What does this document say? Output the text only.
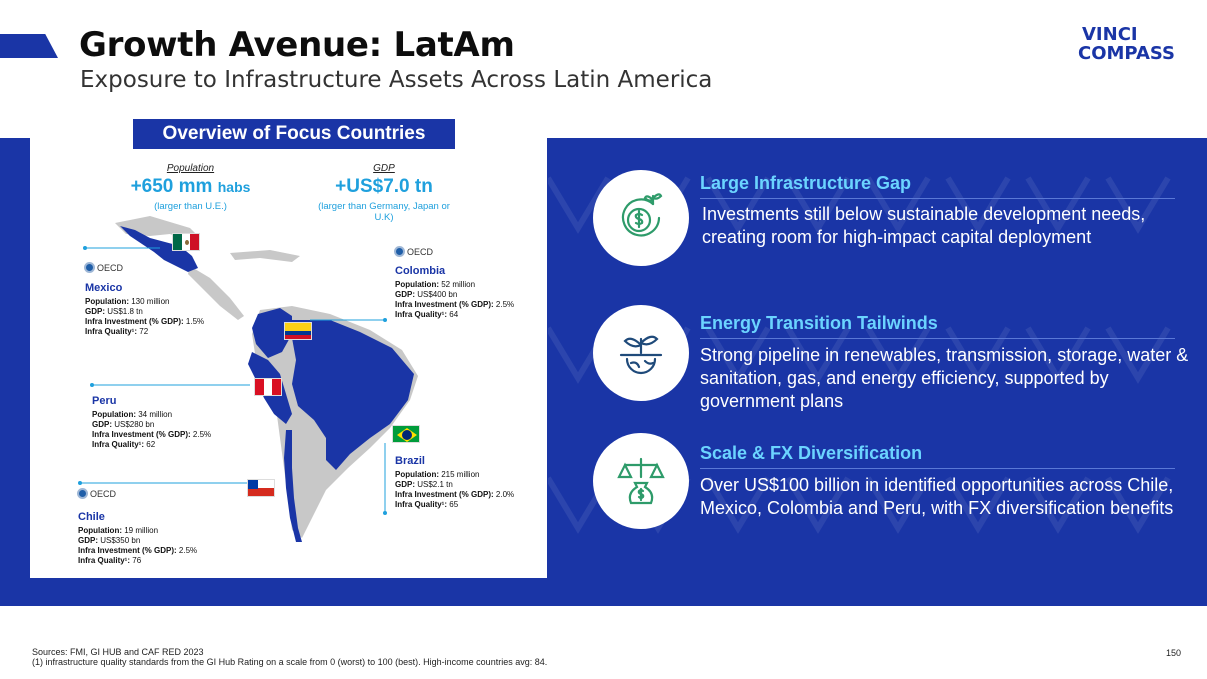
Growth Avenue: LatAm
Exposure to Infrastructure Assets Across Latin America
VINCI
COMPASS
Overview of Focus Countries
Population
+650 mm habs
(larger than U.E.)
GDP
+US$7.0 tn
(larger than Germany, Japan or U.K)
OECD
OECD
OECD
Mexico
Population: 130 million
GDP: US$1.8 tn
Infra Investment (% GDP): 1.5%
Infra Quality¹: 72
Colombia
Population: 52 million
GDP: US$400 bn
Infra Investment (% GDP): 2.5%
Infra Quality¹: 64
Peru
Population: 34 million
GDP: US$280 bn
Infra Investment (% GDP): 2.5%
Infra Quality¹: 62
Brazil
Population: 215 million
GDP: US$2.1 tn
Infra Investment (% GDP): 2.0%
Infra Quality¹: 65
Chile
Population: 19 million
GDP: US$350 bn
Infra Investment (% GDP): 2.5%
Infra Quality¹: 76
Large Infrastructure Gap
Investments still below sustainable development needs, creating room for high-impact capital deployment
Energy Transition Tailwinds
Strong pipeline in renewables, transmission, storage, water & sanitation, gas, and energy efficiency, supported by government plans
Scale & FX Diversification
Over US$100 billion in identified opportunities across Chile, Mexico, Colombia and Peru, with FX diversification benefits
Sources: FMI, GI HUB and CAF RED 2023
(1) infrastructure quality standards from the GI Hub Rating on a scale from 0 (worst) to 100 (best). High-income countries avg: 84.
150
